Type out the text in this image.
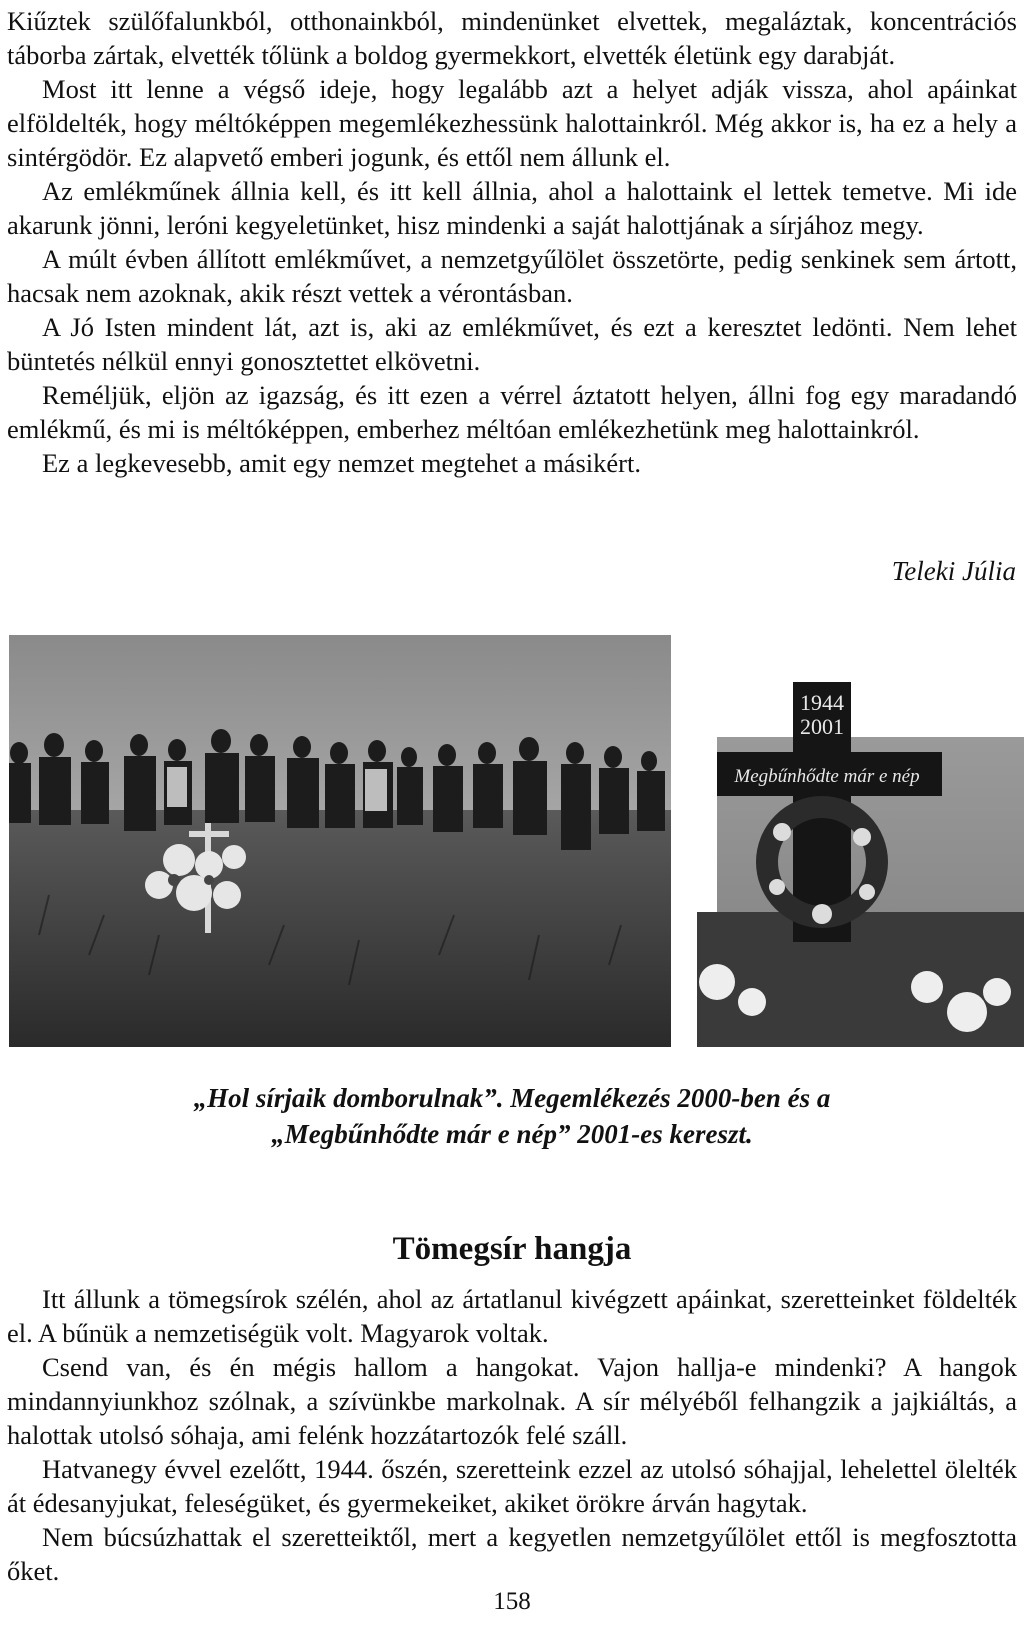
Kiűztek szülőfalunkból, otthonainkból, mindenünket elvettek, megaláztak, koncentrációs táborba zártak, elvették tőlünk a boldog gyermekkort, elvették életünk egy darabját.

Most itt lenne a végső ideje, hogy legalább azt a helyet adják vissza, ahol apáinkat elföldelték, hogy méltóképpen megemlékezhessünk halottainkról. Még akkor is, ha ez a hely a sintérgödör. Ez alapvető emberi jogunk, és ettől nem állunk el.

Az emlékműnek állnia kell, és itt kell állnia, ahol a halottaink el lettek temetve. Mi ide akarunk jönni, leróni kegyeletünket, hisz mindenki a saját halottjának a sírjához megy.

A múlt évben állított emlékművet, a nemzetgyűlölet összetörte, pedig senkinek sem ártott, hacsak nem azoknak, akik részt vettek a vérontásban.

A Jó Isten mindent lát, azt is, aki az emlékművet, és ezt a keresztet ledönti. Nem lehet büntetés nélkül ennyi gonosztettet elkövetni.

Reméljük, eljön az igazság, és itt ezen a vérrel áztatott helyen, állni fog egy maradandó emlékmű, és mi is méltóképpen, emberhez méltóan emlékezhetünk meg halottainkról.

Ez a legkevesebb, amit egy nemzet megtehet a másikért.

Teleki Júlia
1944
2001
Megbűnhődte már e nép
„Hol sírjaik domborulnak”. Megemlékezés 2000-ben és a
„Megbűnhődte már e nép” 2001-es kereszt.
Tömegsír hangja

Itt állunk a tömegsírok szélén, ahol az ártatlanul kivégzett apáinkat, szeretteinket földelték el. A bűnük a nemzetiségük volt. Magyarok voltak.

Csend van, és én mégis hallom a hangokat. Vajon hallja-e mindenki? A hangok mindannyiunkhoz szólnak, a szívünkbe markolnak. A sír mélyéből felhangzik a jajkiáltás, a halottak utolsó sóhaja, ami felénk hozzátartozók felé száll.

Hatvanegy évvel ezelőtt, 1944. őszén, szeretteink ezzel az utolsó sóhajjal, lehelettel ölelték át édesanyjukat, feleségüket, és gyermekeiket, akiket örökre árván hagytak.

Nem búcsúzhattak el szeretteiktől, mert a kegyetlen nemzetgyűlölet ettől is megfosztotta őket.

158
